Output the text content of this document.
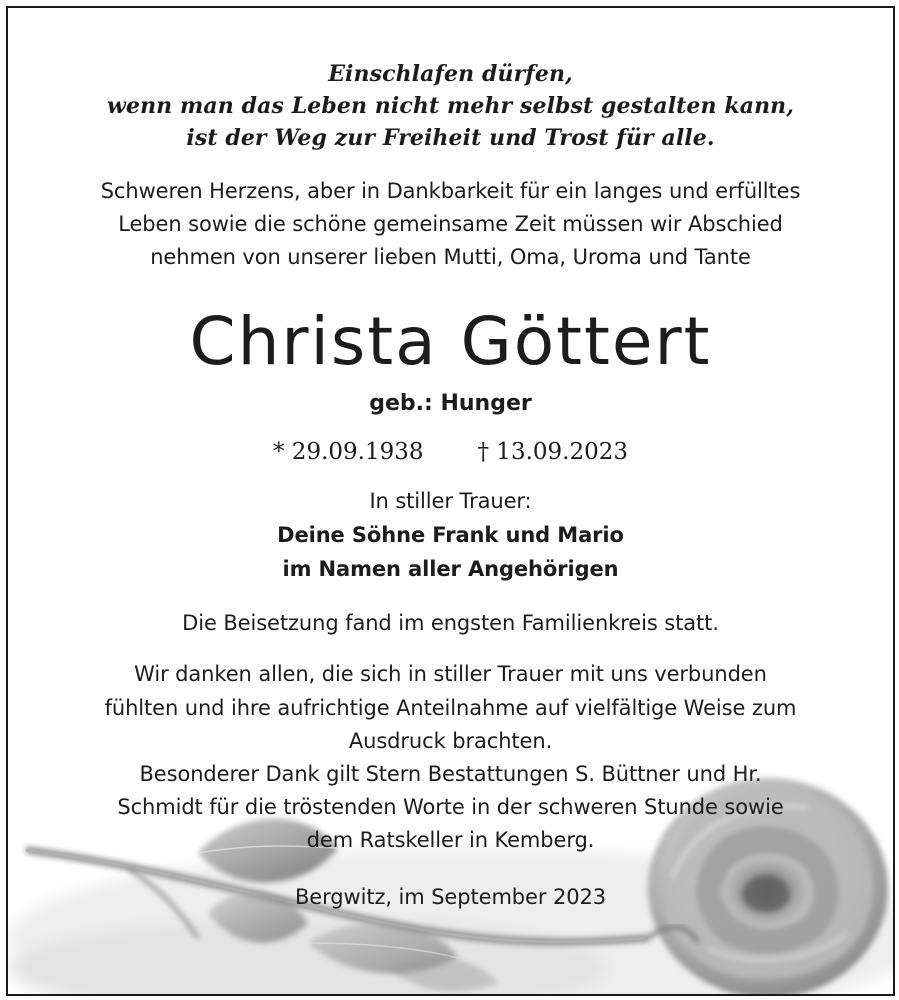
Einschlafen dürfen,
wenn man das Leben nicht mehr selbst gestalten kann,
ist der Weg zur Freiheit und Trost für alle.
Schweren Herzens, aber in Dankbarkeit für ein langes und erfülltes
Leben sowie die schöne gemeinsame Zeit müssen wir Abschied
nehmen von unserer lieben Mutti, Oma, Uroma und Tante
Christa Göttert
geb.: Hunger
* 29.09.1938 † 13.09.2023
In stiller Trauer:
Deine Söhne Frank und Mario
im Namen aller Angehörigen
Die Beisetzung fand im engsten Familienkreis statt.
Wir danken allen, die sich in stiller Trauer mit uns verbunden
fühlten und ihre aufrichtige Anteilnahme auf vielfältige Weise zum
Ausdruck brachten.
Besonderer Dank gilt Stern Bestattungen S. Büttner und Hr.
Schmidt für die tröstenden Worte in der schweren Stunde sowie
dem Ratskeller in Kemberg.
Bergwitz, im September 2023
